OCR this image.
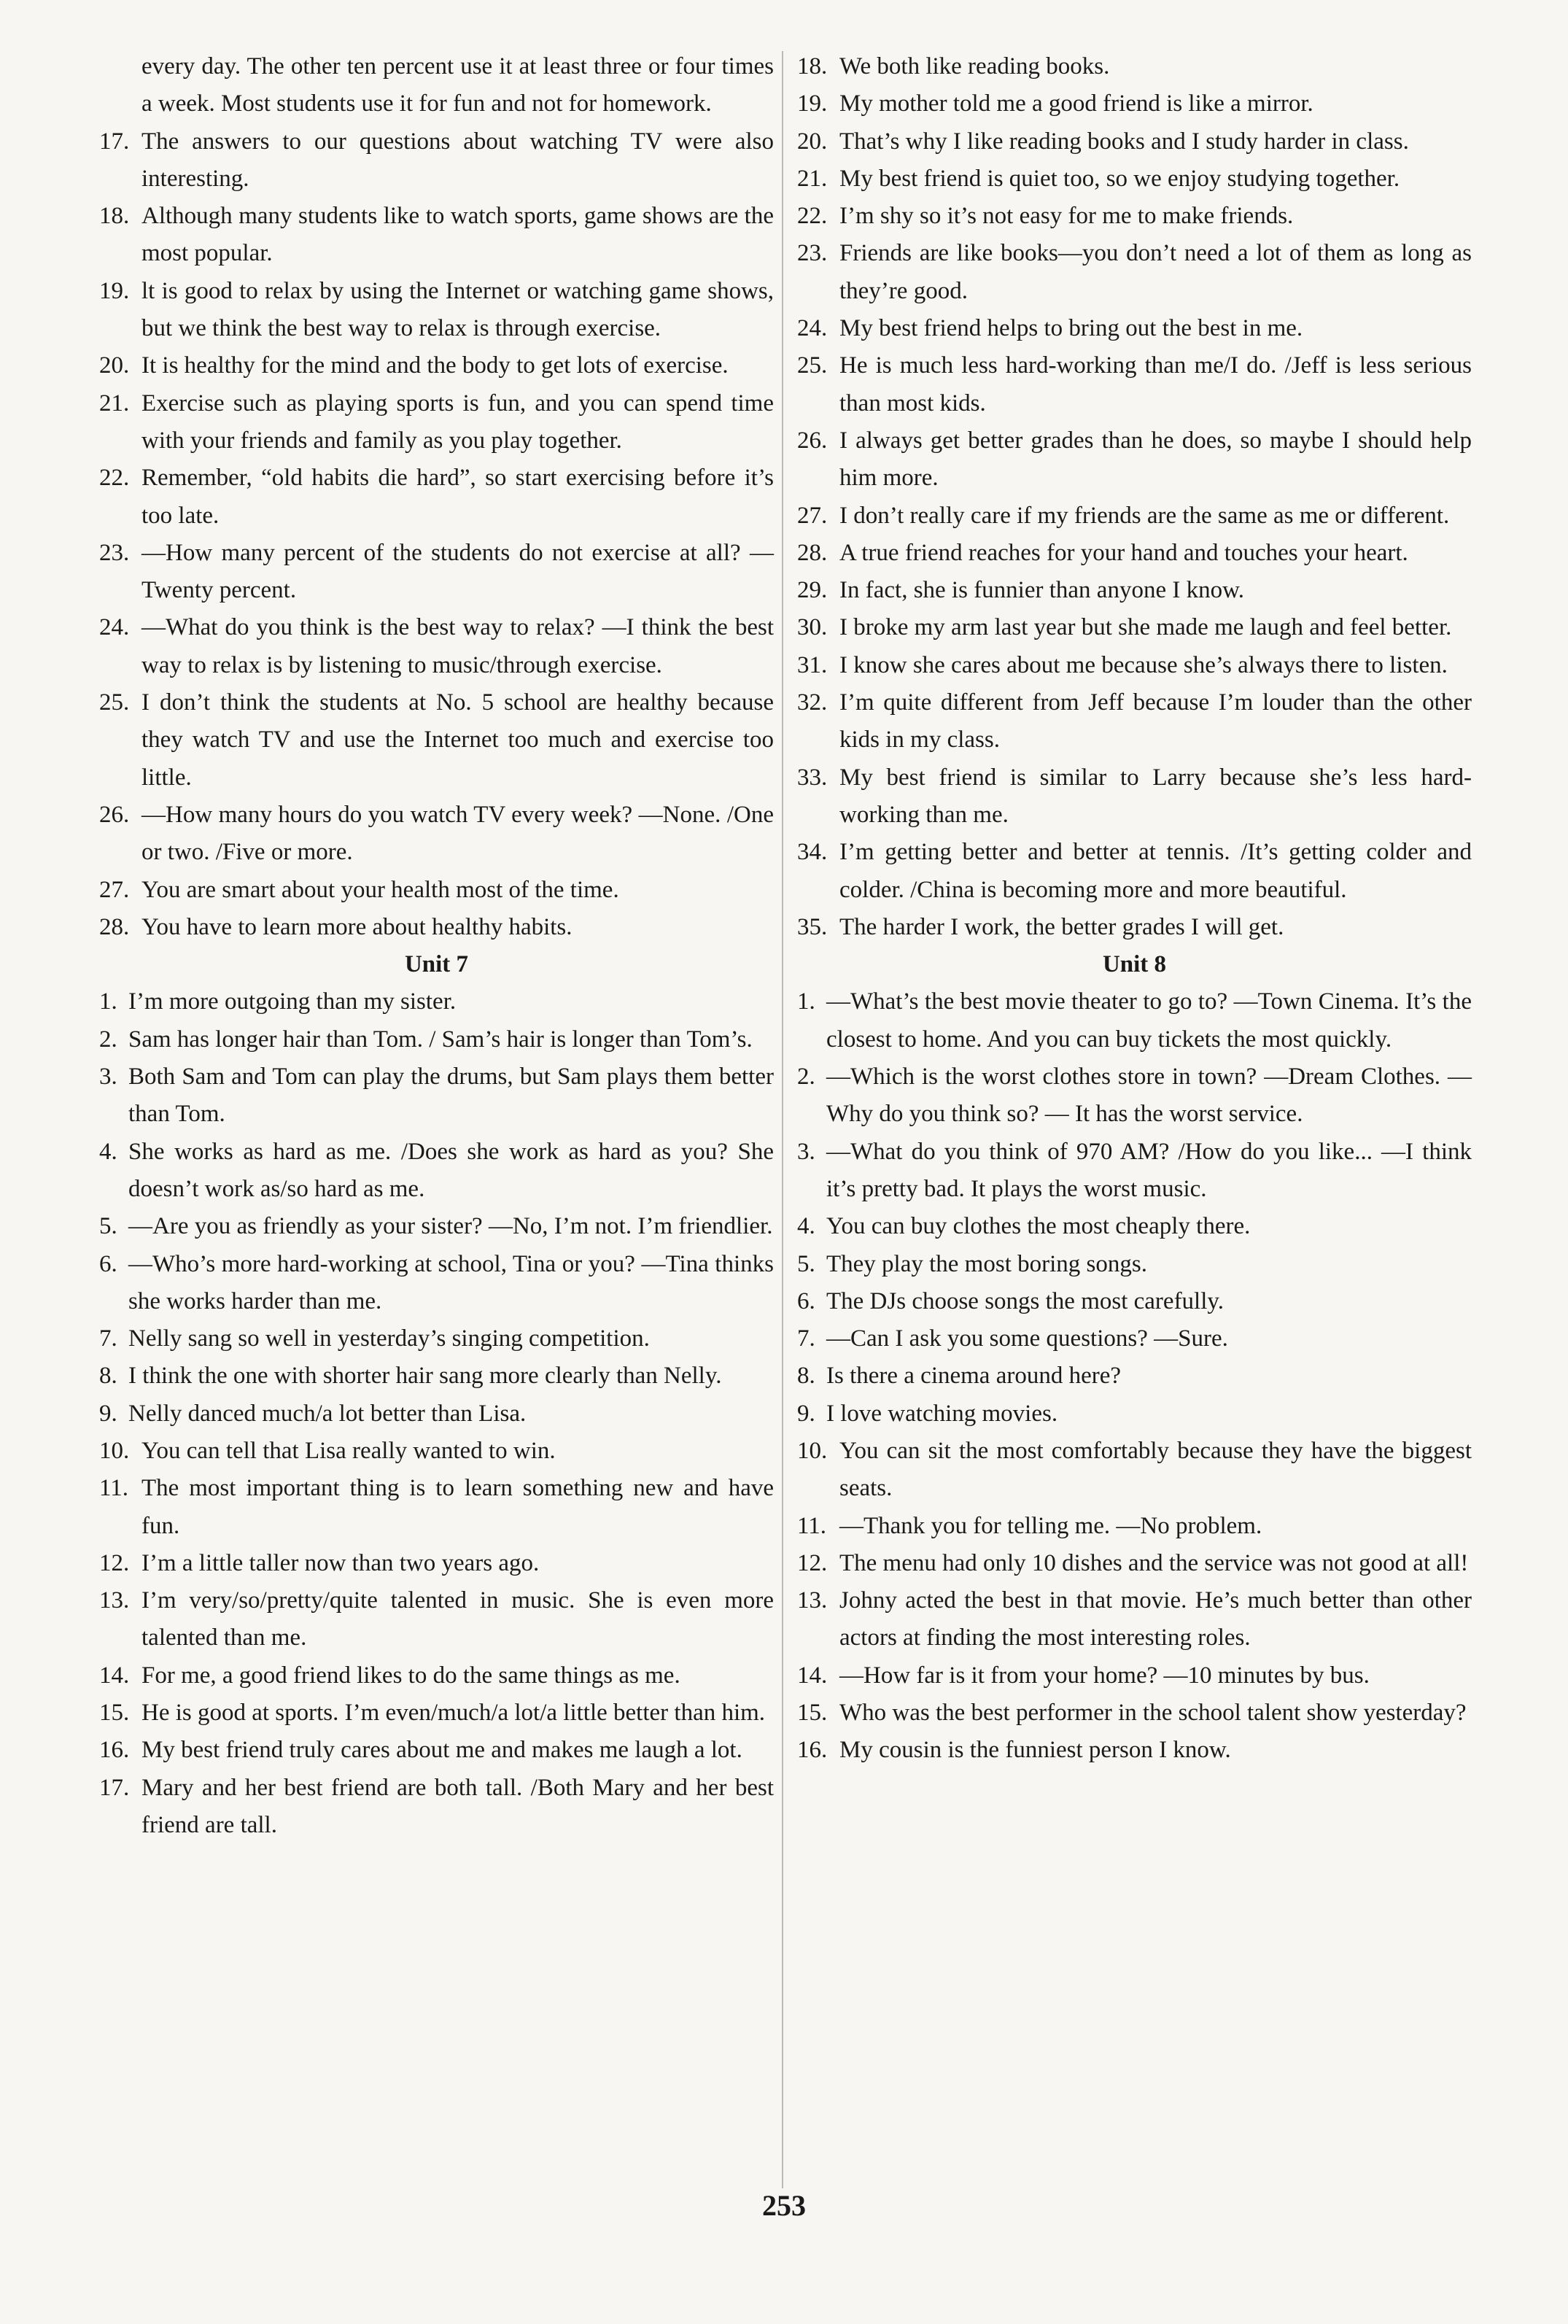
every day. The other ten percent use it at least three or four times a week. Most students use it for fun and not for homework.
17. The answers to our questions about watching TV were also interesting.
18. Although many students like to watch sports, game shows are the most popular.
19. lt is good to relax by using the Internet or watching game shows, but we think the best way to relax is through exercise.
20. It is healthy for the mind and the body to get lots of exercise.
21. Exercise such as playing sports is fun, and you can spend time with your friends and family as you play together.
22. Remember, “old habits die hard”, so start exercising before it’s too late.
23. —How many percent of the students do not exercise at all? —Twenty percent.
24. —What do you think is the best way to relax? —I think the best way to relax is by listening to music/through exercise.
25. I don’t think the students at No. 5 school are healthy because they watch TV and use the Internet too much and exercise too little.
26. —How many hours do you watch TV every week? —None. /One or two. /Five or more.
27. You are smart about your health most of the time.
28. You have to learn more about healthy habits.
Unit 7
1. I’m more outgoing than my sister.
2. Sam has longer hair than Tom. / Sam’s hair is longer than Tom’s.
3. Both Sam and Tom can play the drums, but Sam plays them better than Tom.
4. She works as hard as me. /Does she work as hard as you? She doesn’t work as/so hard as me.
5. —Are you as friendly as your sister? —No, I’m not. I’m friendlier.
6. —Who’s more hard-working at school, Tina or you? —Tina thinks she works harder than me.
7. Nelly sang so well in yesterday’s singing competition.
8. I think the one with shorter hair sang more clearly than Nelly.
9. Nelly danced much/a lot better than Lisa.
10. You can tell that Lisa really wanted to win.
11. The most important thing is to learn something new and have fun.
12. I’m a little taller now than two years ago.
13. I’m very/so/pretty/quite talented in music. She is even more talented than me.
14. For me, a good friend likes to do the same things as me.
15. He is good at sports. I’m even/much/a lot/a little better than him.
16. My best friend truly cares about me and makes me laugh a lot.
17. Mary and her best friend are both tall. /Both Mary and her best friend are tall.
18. We both like reading books.
19. My mother told me a good friend is like a mirror.
20. That’s why I like reading books and I study harder in class.
21. My best friend is quiet too, so we enjoy studying together.
22. I’m shy so it’s not easy for me to make friends.
23. Friends are like books—you don’t need a lot of them as long as they’re good.
24. My best friend helps to bring out the best in me.
25. He is much less hard-working than me/I do. /Jeff is less serious than most kids.
26. I always get better grades than he does, so maybe I should help him more.
27. I don’t really care if my friends are the same as me or different.
28. A true friend reaches for your hand and touches your heart.
29. In fact, she is funnier than anyone I know.
30. I broke my arm last year but she made me laugh and feel better.
31. I know she cares about me because she’s always there to listen.
32. I’m quite different from Jeff because I’m louder than the other kids in my class.
33. My best friend is similar to Larry because she’s less hard-working than me.
34. I’m getting better and better at tennis. /It’s getting colder and colder. /China is becoming more and more beautiful.
35. The harder I work, the better grades I will get.
Unit 8
1. —What’s the best movie theater to go to? —Town Cinema. It’s the closest to home. And you can buy tickets the most quickly.
2. —Which is the worst clothes store in town? —Dream Clothes. —Why do you think so? — It has the worst service.
3. —What do you think of 970 AM? /How do you like... —I think it’s pretty bad. It plays the worst music.
4. You can buy clothes the most cheaply there.
5. They play the most boring songs.
6. The DJs choose songs the most carefully.
7. —Can I ask you some questions? —Sure.
8. Is there a cinema around here?
9. I love watching movies.
10. You can sit the most comfortably because they have the biggest seats.
11. —Thank you for telling me. —No problem.
12. The menu had only 10 dishes and the service was not good at all!
13. Johny acted the best in that movie. He’s much better than other actors at finding the most interesting roles.
14. —How far is it from your home? —10 minutes by bus.
15. Who was the best performer in the school talent show yesterday?
16. My cousin is the funniest person I know.
253
